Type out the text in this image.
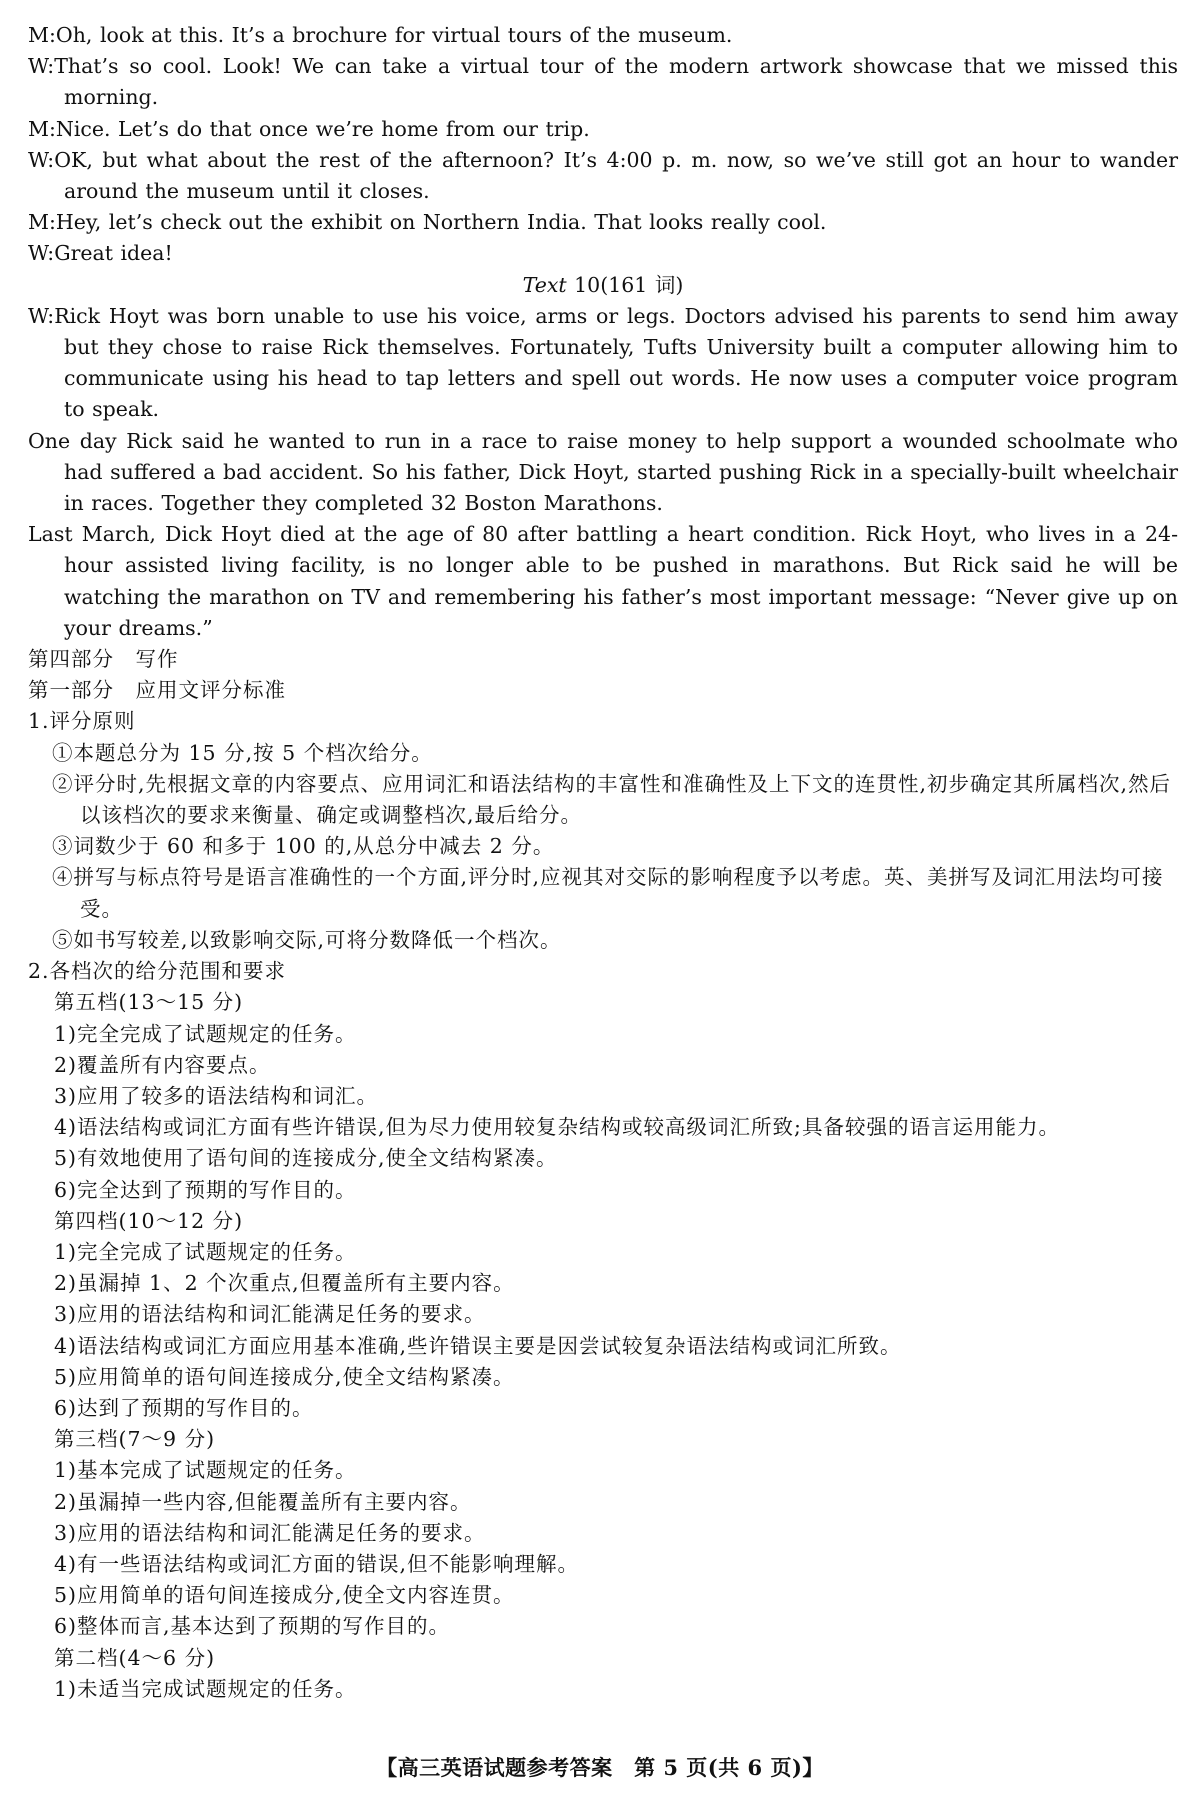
M:Oh, look at this. It’s a brochure for virtual tours of the museum.

W:That’s so cool. Look! We can take a virtual tour of the modern artwork showcase that we missed this morning.

M:Nice. Let’s do that once we’re home from our trip.

W:OK, but what about the rest of the afternoon? It’s 4:00 p. m. now, so we’ve still got an hour to wander around the museum until it closes.

M:Hey, let’s check out the exhibit on Northern India. That looks really cool.

W:Great idea!

Text 10(161 词)

W:Rick Hoyt was born unable to use his voice, arms or legs. Doctors advised his parents to send him away but they chose to raise Rick themselves. Fortunately, Tufts University built a computer allowing him to communicate using his head to tap letters and spell out words. He now uses a computer voice program to speak.

One day Rick said he wanted to run in a race to raise money to help support a wounded schoolmate who had suffered a bad accident. So his father, Dick Hoyt, started pushing Rick in a specially-built wheelchair in races. Together they completed 32 Boston Marathons.

Last March, Dick Hoyt died at the age of 80 after battling a heart condition. Rick Hoyt, who lives in a 24-hour assisted living facility, is no longer able to be pushed in marathons. But Rick said he will be watching the marathon on TV and remembering his father’s most important message: “Never give up on your dreams.”

第四部分　写作

第一部分　应用文评分标准

1.评分原则

①本题总分为 15 分,按 5 个档次给分。

②评分时,先根据文章的内容要点、应用词汇和语法结构的丰富性和准确性及上下文的连贯性,初步确定其所属档次,然后以该档次的要求来衡量、确定或调整档次,最后给分。

③词数少于 60 和多于 100 的,从总分中减去 2 分。

④拼写与标点符号是语言准确性的一个方面,评分时,应视其对交际的影响程度予以考虑。英、美拼写及词汇用法均可接受。

⑤如书写较差,以致影响交际,可将分数降低一个档次。

2.各档次的给分范围和要求

第五档(13～15 分)

1)完全完成了试题规定的任务。

2)覆盖所有内容要点。

3)应用了较多的语法结构和词汇。

4)语法结构或词汇方面有些许错误,但为尽力使用较复杂结构或较高级词汇所致;具备较强的语言运用能力。

5)有效地使用了语句间的连接成分,使全文结构紧凑。

6)完全达到了预期的写作目的。

第四档(10～12 分)

1)完全完成了试题规定的任务。

2)虽漏掉 1、2 个次重点,但覆盖所有主要内容。

3)应用的语法结构和词汇能满足任务的要求。

4)语法结构或词汇方面应用基本准确,些许错误主要是因尝试较复杂语法结构或词汇所致。

5)应用简单的语句间连接成分,使全文结构紧凑。

6)达到了预期的写作目的。

第三档(7～9 分)

1)基本完成了试题规定的任务。

2)虽漏掉一些内容,但能覆盖所有主要内容。

3)应用的语法结构和词汇能满足任务的要求。

4)有一些语法结构或词汇方面的错误,但不能影响理解。

5)应用简单的语句间连接成分,使全文内容连贯。

6)整体而言,基本达到了预期的写作目的。

第二档(4～6 分)

1)未适当完成试题规定的任务。

【高三英语试题参考答案　第 5 页(共 6 页)】
